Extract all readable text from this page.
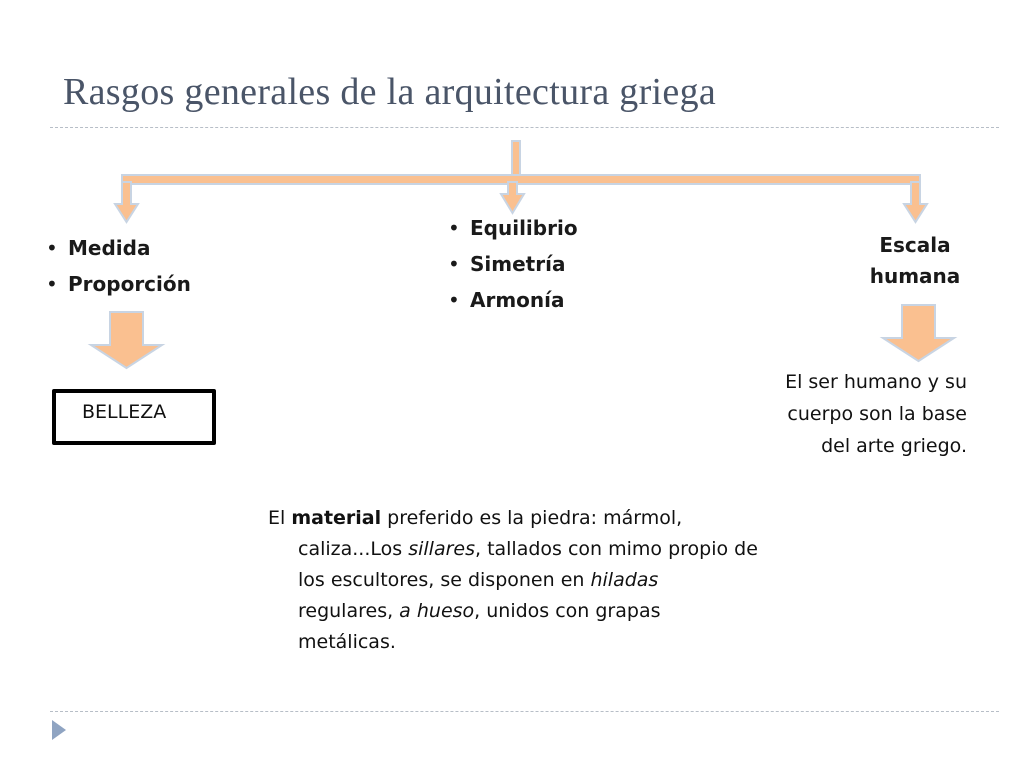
Rasgos generales de la arquitectura griega
• Medida
• Proporción
• Equilibrio
• Simetría
• Armonía
Escala humana
BELLEZA
El ser humano y su cuerpo son la base del arte griego.

El material preferido es la piedra: mármol, caliza...Los sillares, tallados con mimo propio de los escultores, se disponen en hiladas regulares, a hueso, unidos con grapas metálicas.
